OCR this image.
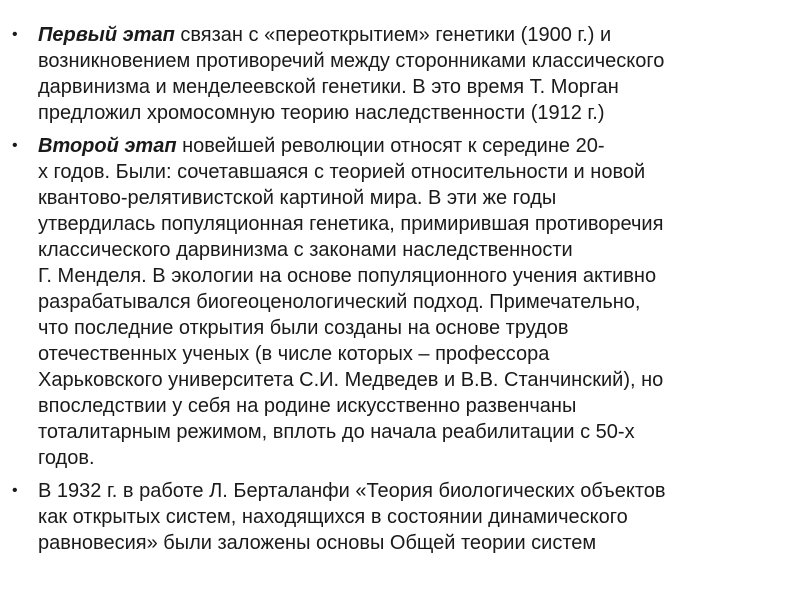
• Первый этап связан с «переоткрытием» генетики (1900 г.) и
возникновением противоречий между сторонниками классического
дарвинизма и менделеевской генетики. В это время Т. Морган
предложил хромосомную теорию наследственности (1912 г.)
• Второй этап новейшей революции относят к середине 20-
х годов. Были: сочетавшаяся с теорией относительности и новой
квантово-релятивистской картиной мира. В эти же годы
утвердилась популяционная генетика, примирившая противоречия
классического дарвинизма с законами наследственности
Г. Менделя. В экологии на основе популяционного учения активно
разрабатывался биогеоценологический подход. Примечательно,
что последние открытия были созданы на основе трудов
отечественных ученых (в числе которых – профессора
Харьковского университета С.И. Медведев и В.В. Станчинский), но
впоследствии у себя на родине искусственно развенчаны
тоталитарным режимом, вплоть до начала реабилитации с 50-х
годов.
• В 1932 г. в работе Л. Берталанфи «Теория биологических объектов
как открытых систем, находящихся в состоянии динамического
равновесия» были заложены основы Общей теории систем
